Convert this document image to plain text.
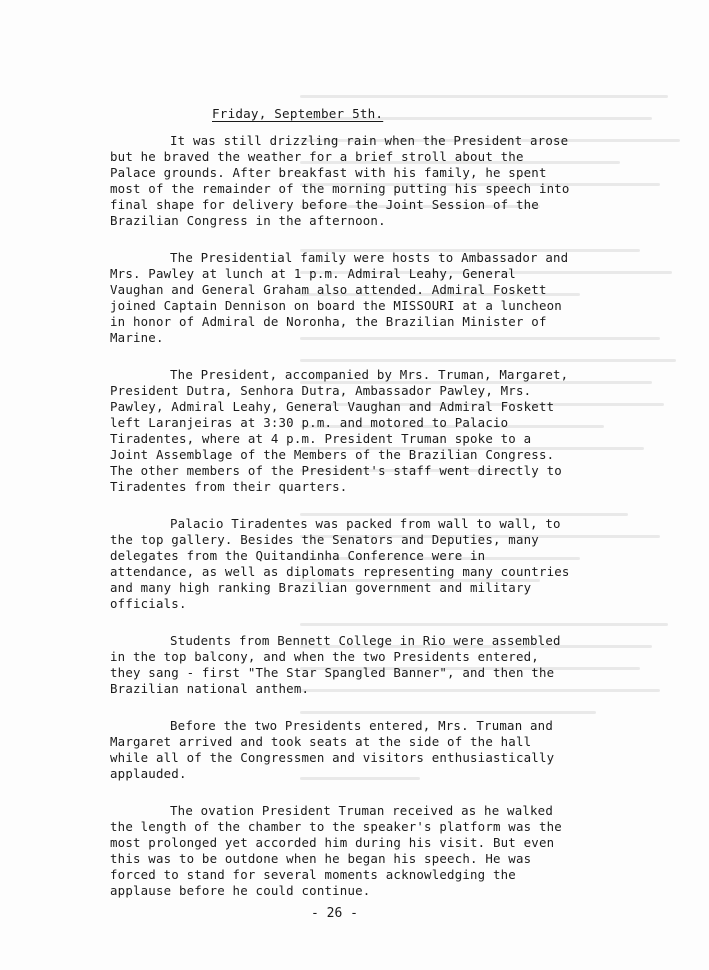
Friday, September 5th.

It was still drizzling rain when the President arose but he braved the weather for a brief stroll about the Palace grounds. After breakfast with his family, he spent most of the remainder of the morning putting his speech into final shape for delivery before the Joint Session of the Brazilian Congress in the afternoon.

The Presidential family were hosts to Ambassador and Mrs. Pawley at lunch at 1 p.m. Admiral Leahy, General Vaughan and General Graham also attended. Admiral Foskett joined Captain Dennison on board the MISSOURI at a luncheon in honor of Admiral de Noronha, the Brazilian Minister of Marine.

The President, accompanied by Mrs. Truman, Margaret, President Dutra, Senhora Dutra, Ambassador Pawley, Mrs. Pawley, Admiral Leahy, General Vaughan and Admiral Foskett left Laranjeiras at 3:30 p.m. and motored to Palacio Tiradentes, where at 4 p.m. President Truman spoke to a Joint Assemblage of the Members of the Brazilian Congress. The other members of the President's staff went directly to Tiradentes from their quarters.

Palacio Tiradentes was packed from wall to wall, to the top gallery. Besides the Senators and Deputies, many delegates from the Quitandinha Conference were in attendance, as well as diplomats representing many countries and many high ranking Brazilian government and military officials.

Students from Bennett College in Rio were assembled in the top balcony, and when the two Presidents entered, they sang - first "The Star Spangled Banner", and then the Brazilian national anthem.

Before the two Presidents entered, Mrs. Truman and Margaret arrived and took seats at the side of the hall while all of the Congressmen and visitors enthusiastically applauded.

The ovation President Truman received as he walked the length of the chamber to the speaker's platform was the most prolonged yet accorded him during his visit. But even this was to be outdone when he began his speech. He was forced to stand for several moments acknowledging the applause before he could continue.

- 26 -
